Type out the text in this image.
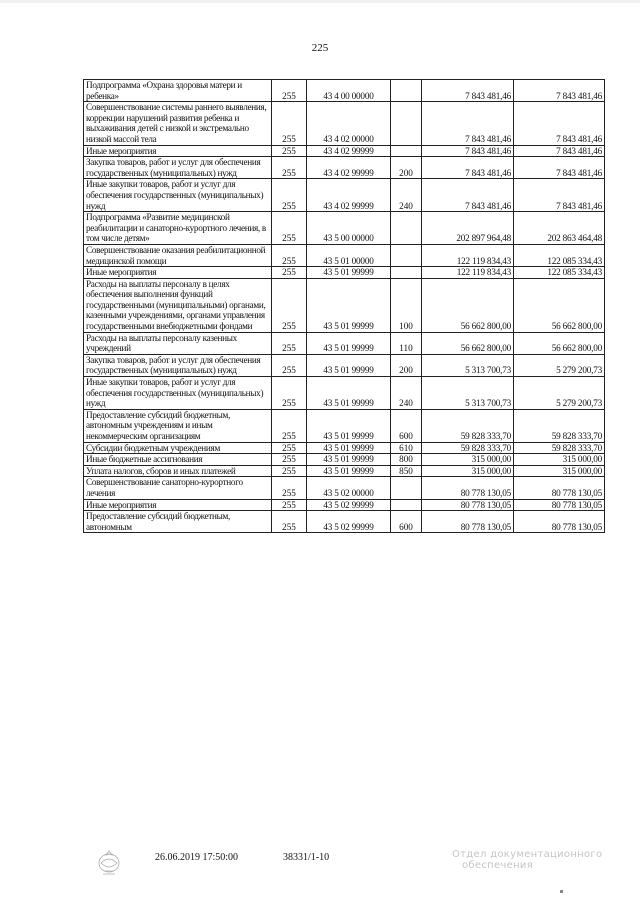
225
Подпрограмма «Охрана здоровья матери и ребенка»	255	43 4 00 00000		7 843 481,46	7 843 481,46
Совершенствование системы раннего выявления, коррекции нарушений развития ребенка и выхаживания детей с низкой и экстремально низкой массой тела	255	43 4 02 00000		7 843 481,46	7 843 481,46
Иные мероприятия	255	43 4 02 99999		7 843 481,46	7 843 481,46
Закупка товаров, работ и услуг для обеспечения государственных (муниципальных) нужд	255	43 4 02 99999	200	7 843 481,46	7 843 481,46
Иные закупки товаров, работ и услуг для обеспечения государственных (муниципальных) нужд	255	43 4 02 99999	240	7 843 481,46	7 843 481,46
Подпрограмма «Развитие медицинской реабилитации и санаторно-курортного лечения, в том числе детям»	255	43 5 00 00000		202 897 964,48	202 863 464,48
Совершенствование оказания реабилитационной медицинской помощи	255	43 5 01 00000		122 119 834,43	122 085 334,43
Иные мероприятия	255	43 5 01 99999		122 119 834,43	122 085 334,43
Расходы на выплаты персоналу в целях обеспечения выполнения функций государственными (муниципальными) органами, казенными учреждениями, органами управления государственными внебюджетными фондами	255	43 5 01 99999	100	56 662 800,00	56 662 800,00
Расходы на выплаты персоналу казенных учреждений	255	43 5 01 99999	110	56 662 800,00	56 662 800,00
Закупка товаров, работ и услуг для обеспечения государственных (муниципальных) нужд	255	43 5 01 99999	200	5 313 700,73	5 279 200,73
Иные закупки товаров, работ и услуг для обеспечения государственных (муниципальных) нужд	255	43 5 01 99999	240	5 313 700,73	5 279 200,73
Предоставление субсидий бюджетным, автономным учреждениям и иным некоммерческим организациям	255	43 5 01 99999	600	59 828 333,70	59 828 333,70
Субсидии бюджетным учреждениям	255	43 5 01 99999	610	59 828 333,70	59 828 333,70
Иные бюджетные ассигнования	255	43 5 01 99999	800	315 000,00	315 000,00
Уплата налогов, сборов и иных платежей	255	43 5 01 99999	850	315 000,00	315 000,00
Совершенствование санаторно-курортного лечения	255	43 5 02 00000		80 778 130,05	80 778 130,05
Иные мероприятия	255	43 5 02 99999		80 778 130,05	80 778 130,05
Предоставление субсидий бюджетным, автономным	255	43 5 02 99999	600	80 778 130,05	80 778 130,05
26.06.2019 17:50:00	38331/1-10	Отдел документационного
обеспечения
